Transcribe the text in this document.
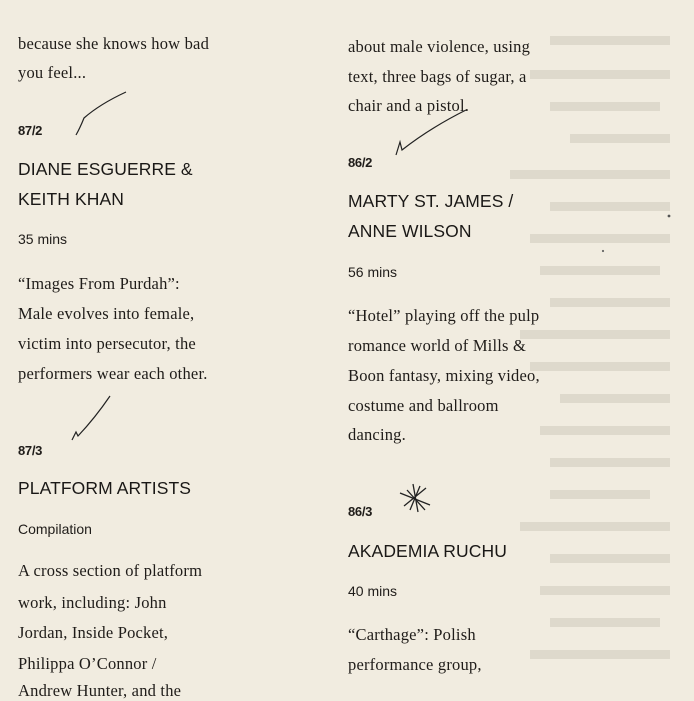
because she knows how bad
you feel...
87/2
DIANE ESGUERRE &
KEITH KHAN
35 mins
“Images From Purdah”:
Male evolves into female,
victim into persecutor, the
performers wear each other.
87/3
PLATFORM ARTISTS
Compilation
A cross section of platform
work, including: John
Jordan, Inside Pocket,
Philippa O’Connor /
Andrew Hunter, and the
about male violence, using
text, three bags of sugar, a
chair and a pistol.
86/2
MARTY ST. JAMES /
ANNE WILSON
56 mins
“Hotel” playing off the pulp
romance world of Mills &
Boon fantasy, mixing video,
costume and ballroom
dancing.
86/3
AKADEMIA RUCHU
40 mins
“Carthage”: Polish
performance group,
